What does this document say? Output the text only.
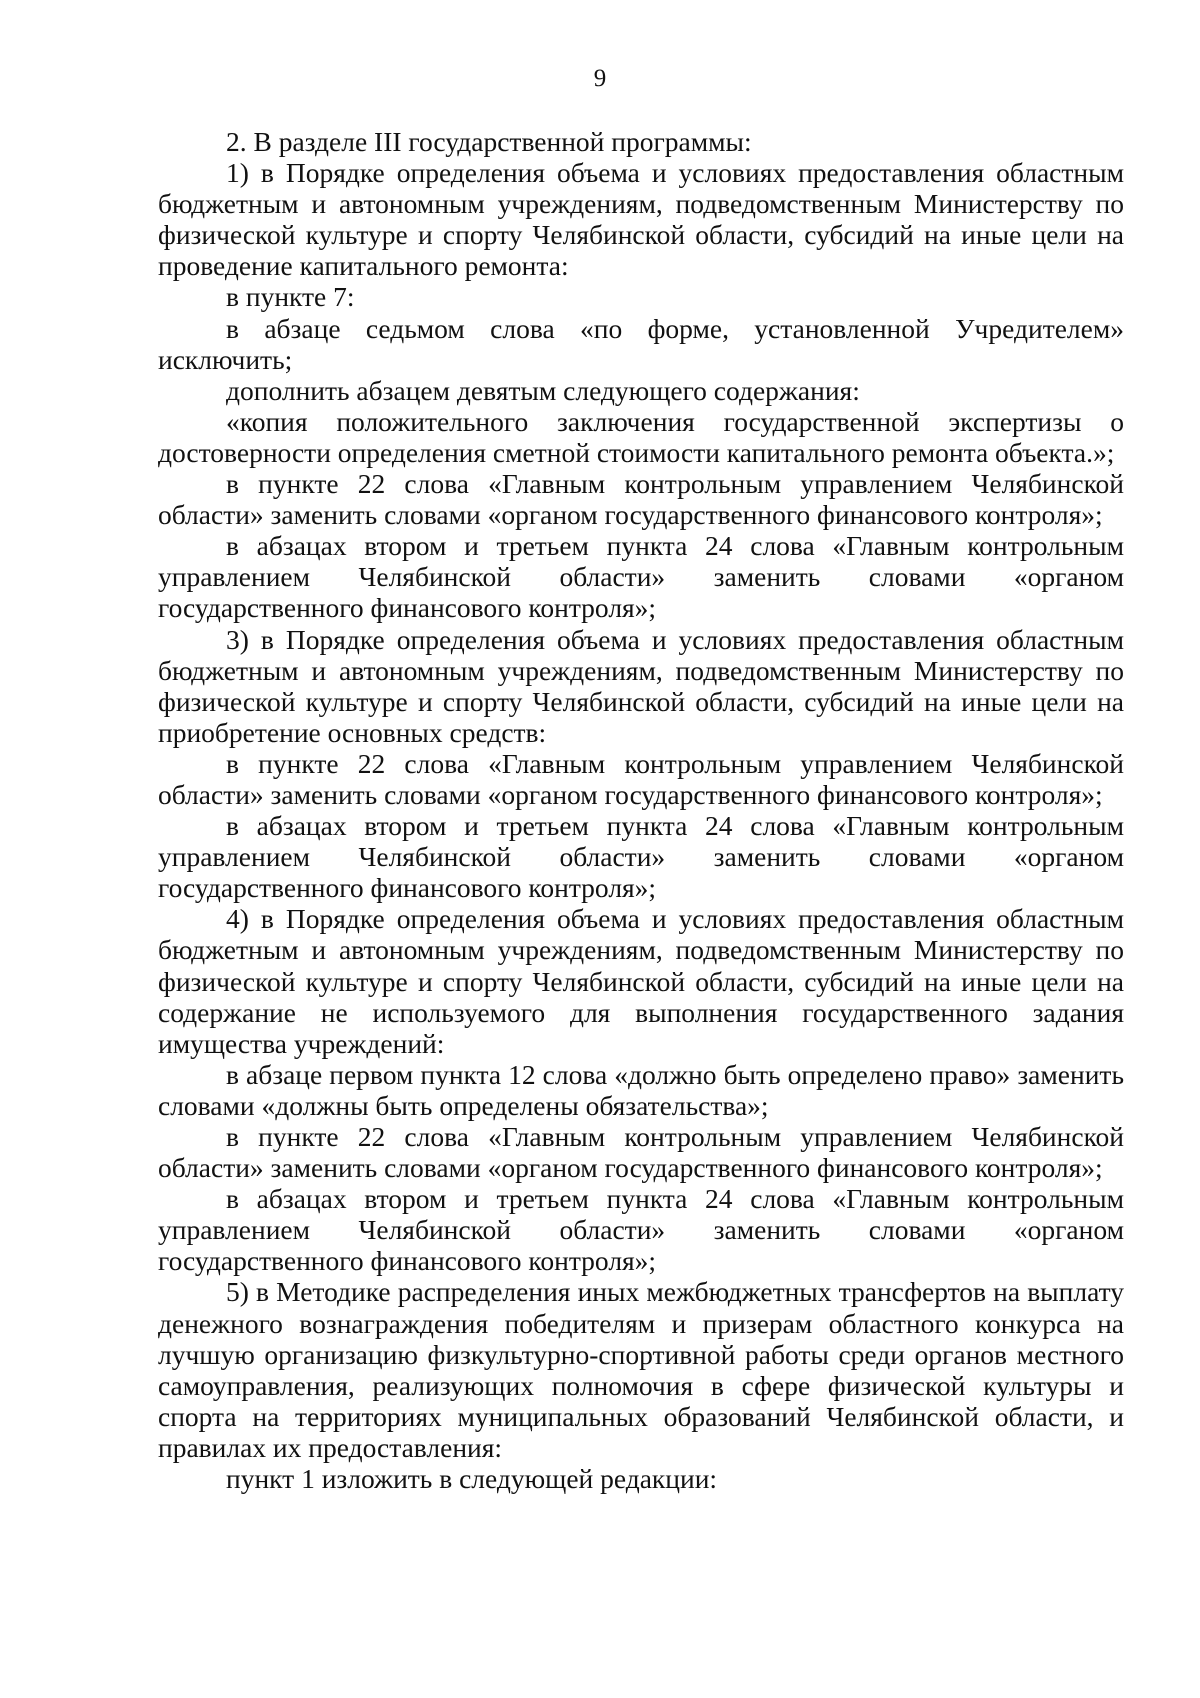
9

2. В разделе III государственной программы:

1) в Порядке определения объема и условиях предоставления областным бюджетным и автономным учреждениям, подведомственным Министерству по физической культуре и спорту Челябинской области, субсидий на иные цели на проведение капитального ремонта:

в пункте 7:

в абзаце седьмом слова «по форме, установленной Учредителем» исключить;

дополнить абзацем девятым следующего содержания:

«копия положительного заключения государственной экспертизы о достоверности определения сметной стоимости капитального ремонта объекта.»;

в пункте 22 слова «Главным контрольным управлением Челябинской области» заменить словами «органом государственного финансового контроля»;

в абзацах втором и третьем пункта 24 слова «Главным контрольным управлением Челябинской области» заменить словами «органом государственного финансового контроля»;

3) в Порядке определения объема и условиях предоставления областным бюджетным и автономным учреждениям, подведомственным Министерству по физической культуре и спорту Челябинской области, субсидий на иные цели на приобретение основных средств:

в пункте 22 слова «Главным контрольным управлением Челябинской области» заменить словами «органом государственного финансового контроля»;

в абзацах втором и третьем пункта 24 слова «Главным контрольным управлением Челябинской области» заменить словами «органом государственного финансового контроля»;

4) в Порядке определения объема и условиях предоставления областным бюджетным и автономным учреждениям, подведомственным Министерству по физической культуре и спорту Челябинской области, субсидий на иные цели на содержание не используемого для выполнения государственного задания имущества учреждений:

в абзаце первом пункта 12 слова «должно быть определено право» заменить словами «должны быть определены обязательства»;

в пункте 22 слова «Главным контрольным управлением Челябинской области» заменить словами «органом государственного финансового контроля»;

в абзацах втором и третьем пункта 24 слова «Главным контрольным управлением Челябинской области» заменить словами «органом государственного финансового контроля»;

5) в Методике распределения иных межбюджетных трансфертов на выплату денежного вознаграждения победителям и призерам областного конкурса на лучшую организацию физкультурно-спортивной работы среди органов местного самоуправления, реализующих полномочия в сфере физической культуры и спорта на территориях муниципальных образований Челябинской области, и правилах их предоставления:

пункт 1 изложить в следующей редакции:
